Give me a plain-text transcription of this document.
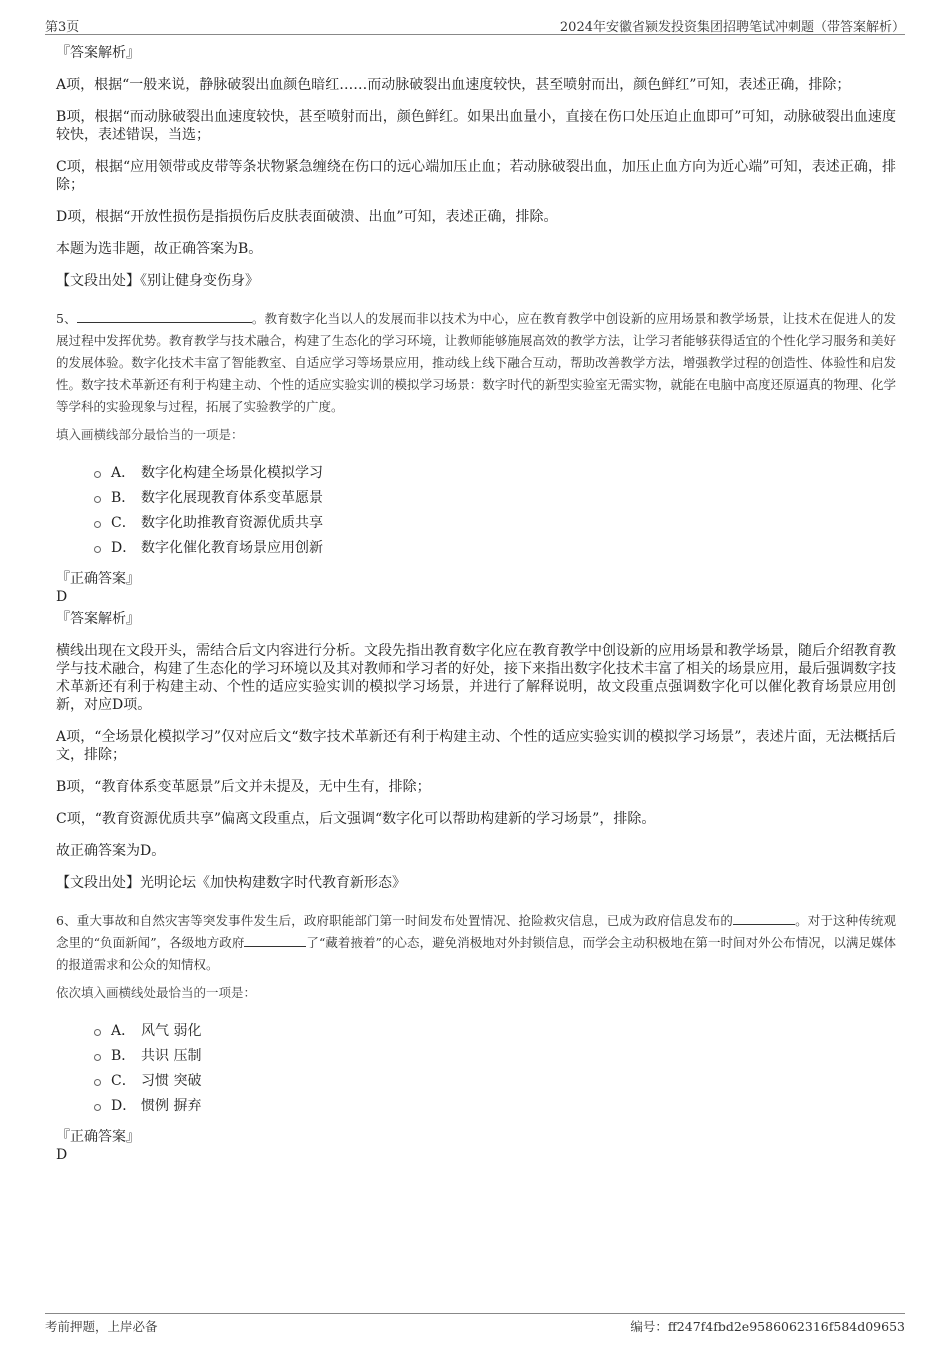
第3页	2024年安徽省颍发投资集团招聘笔试冲刺题（带答案解析）
『答案解析』
A项，根据“一般来说，静脉破裂出血颜色暗红……而动脉破裂出血速度较快，甚至喷射而出，颜色鲜红”可知，表述正确，排除；
B项，根据“而动脉破裂出血速度较快，甚至喷射而出，颜色鲜红。如果出血量小，直接在伤口处压迫止血即可”可知，动脉破裂出血速度较快，表述错误，当选；
C项，根据“应用领带或皮带等条状物紧急缠绕在伤口的远心端加压止血；若动脉破裂出血，加压止血方向为近心端”可知，表述正确，排除；
D项，根据“开放性损伤是指损伤后皮肤表面破溃、出血”可知，表述正确，排除。
本题为选非题，故正确答案为B。
【文段出处】《别让健身变伤身》
5、	。教育数字化当以人的发展而非以技术为中心，应在教育教学中创设新的应用场景和教学场景，让技术在促进人的发展过程中发挥优势。教育教学与技术融合，构建了生态化的学习环境，让教师能够施展高效的教学方法，让学习者能够获得适宜的个性化学习服务和美好的发展体验。数字化技术丰富了智能教室、自适应学习等场景应用，推动线上线下融合互动，帮助改善教学方法，增强教学过程的创造性、体验性和启发性。数字技术革新还有利于构建主动、个性的适应实验实训的模拟学习场景：数字时代的新型实验室无需实物，就能在电脑中高度还原逼真的物理、化学等学科的实验现象与过程，拓展了实验教学的广度。
填入画横线部分最恰当的一项是：
A． 数字化构建全场景化模拟学习
B． 数字化展现教育体系变革愿景
C． 数字化助推教育资源优质共享
D． 数字化催化教育场景应用创新
『正确答案』
D
『答案解析』
横线出现在文段开头，需结合后文内容进行分析。文段先指出教育数字化应在教育教学中创设新的应用场景和教学场景，随后介绍教育教学与技术融合，构建了生态化的学习环境以及其对教师和学习者的好处，接下来指出数字化技术丰富了相关的场景应用，最后强调数字技术革新还有利于构建主动、个性的适应实验实训的模拟学习场景，并进行了解释说明，故文段重点强调数字化可以催化教育场景应用创新，对应D项。
A项，“全场景化模拟学习”仅对应后文“数字技术革新还有利于构建主动、个性的适应实验实训的模拟学习场景”，表述片面，无法概括后文，排除；
B项，“教育体系变革愿景”后文并未提及，无中生有，排除；
C项，“教育资源优质共享”偏离文段重点，后文强调“数字化可以帮助构建新的学习场景”，排除。
故正确答案为D。
【文段出处】光明论坛《加快构建数字时代教育新形态》
6、重大事故和自然灾害等突发事件发生后，政府职能部门第一时间发布处置情况、抢险救灾信息，已成为政府信息发布的	。对于这种传统观念里的“负面新闻”，各级地方政府	了“藏着掖着”的心态，避免消极地对外封锁信息，而学会主动积极地在第一时间对外公布情况，以满足媒体的报道需求和公众的知情权。
依次填入画横线处最恰当的一项是：
A． 风气 弱化
B． 共识 压制
C． 习惯 突破
D． 惯例 摒弃
『正确答案』
D
考前押题，上岸必备	编号：ff247f4fbd2e9586062316f584d09653
